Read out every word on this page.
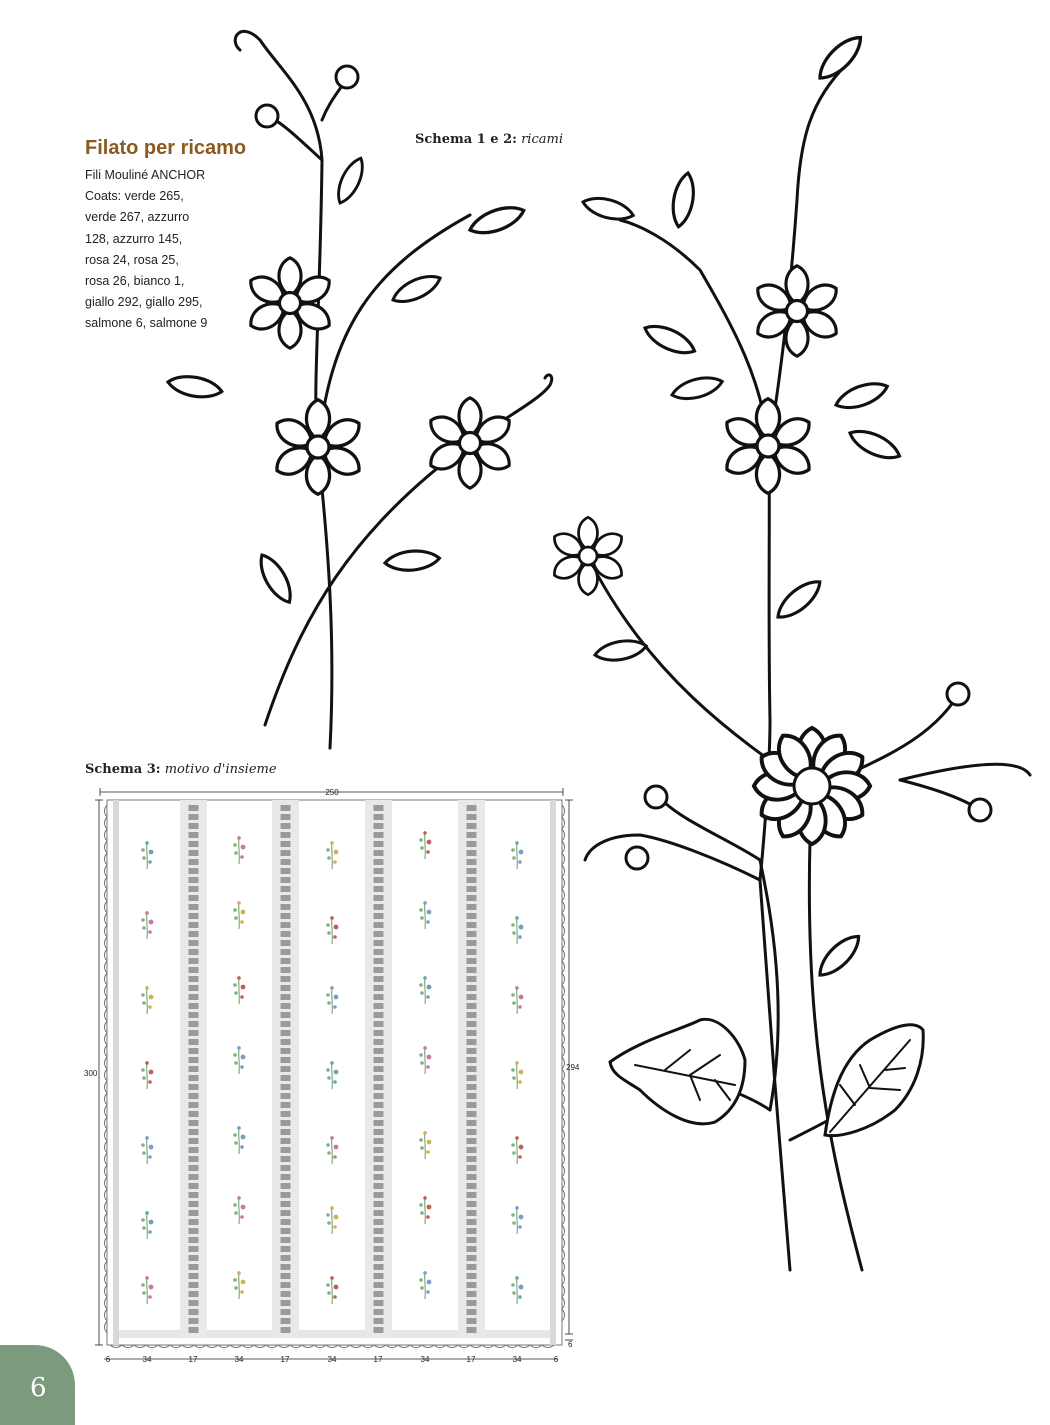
Filato per ricamo
Fili Mouliné ANCHOR
Coats: verde 265,
verde 267, azzurro
128, azzurro 145,
rosa 24, rosa 25,
rosa 26, bianco 1,
giallo 292, giallo 295,
salmone 6, salmone 9
Schema 1 e 2: ricami
Schema 3: motivo d'insieme
250
300
294
6
6	34	17	34	17	34	17	34	17	34	6
6
